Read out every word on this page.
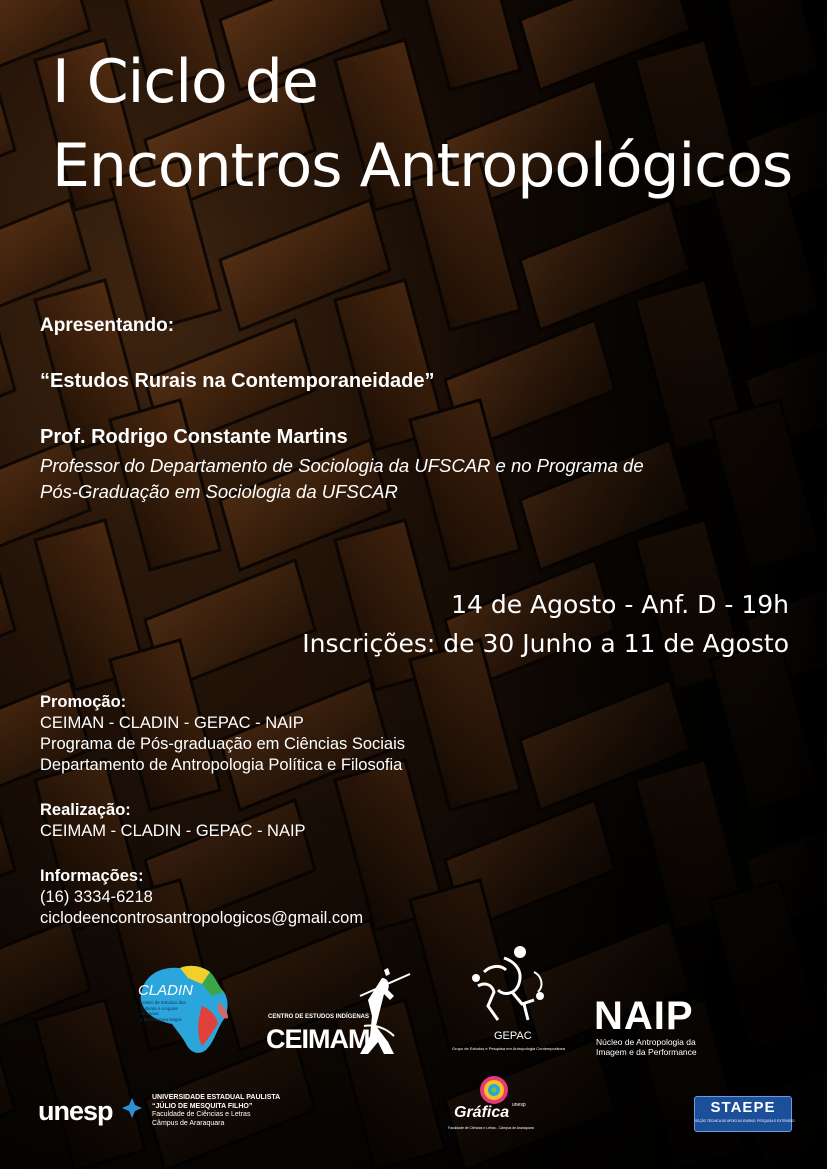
I Ciclo de
Encontros Antropológicos
Apresentando:
“Estudos Rurais na Contemporaneidade”
Prof. Rodrigo Constante Martins
Professor do Departamento de Sociologia da UFSCAR e no Programa de
Pós-Graduação em Sociologia da UFSCAR
14 de Agosto - Anf. D - 19h
Inscrições: de 30 Junho a 11 de Agosto
Promoção:
CEIMAN - CLADIN - GEPAC - NAIP
Programa de Pós-graduação em Ciências Sociais
Departamento de Antropologia Política e Filosofia
Realização:
CEIMAM - CLADIN - GEPAC - NAIP
Informações:
(16) 3334-6218
ciclodeencontrosantropologicos@gmail.com
CLADIN
Centro de Estudos das
Culturas e Línguas Africanas
e da Diáspora Negra	CENTRO DE ESTUDOS INDÍGENAS
CEIMAM	GEPAC
Grupo de Estudos e Pesquisa em Antropologia Contemporânea
NAIP
Núcleo de Antropologia da
Imagem e da Performance
unesp	UNIVERSIDADE ESTADUAL PAULISTA
“JÚLIO DE MESQUITA FILHO”
Faculdade de Ciências e Letras
Câmpus de Araraquara
Gráfica unesp
Faculdade de Ciências e Letras - Câmpus de Araraquara
STAEPE
SEÇÃO TÉCNICA DE APOIO AO ENSINO, PESQUISA E EXTENSÃO
